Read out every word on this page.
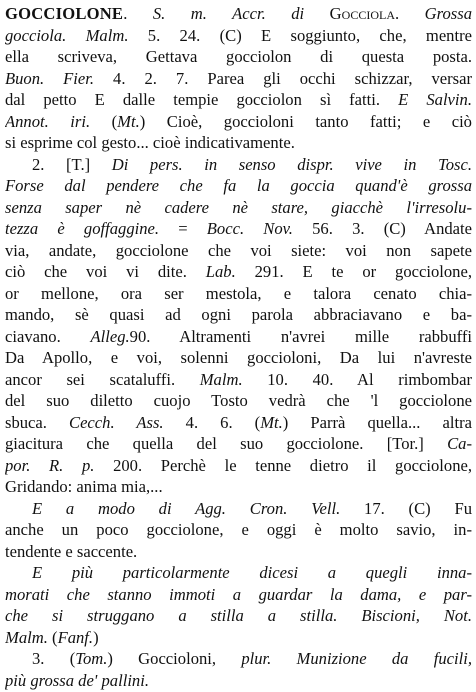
GOCCIOLONE. S. m. Accr. di Gocciola. Grossa
gocciola. Malm. 5. 24. (C) E soggiunto, che, mentre
ella scriveva, Gettava gocciolon di questa posta.
Buon. Fier. 4. 2. 7. Parea gli occhi schizzar, versar
dal petto E dalle tempie gocciolon sì fatti. E Salvin.
Annot. iri. (Mt.) Cioè, gocciolonі tanto fatti; e ciò
si esprime col gesto... cioè indicativamente.
2. [T.] Di pers. in senso dispr. vive in Tosc.
Forse dal pendere che fa la goccia quand'è grossa
senza saper nè cadere nè stare, giacchè l'irresolu-
tezza è goffaggine. = Bocc. Nov. 56. 3. (C) Andate
via, andate, gocciolone che voi siete: voi non sapete
ciò che voi vi dite. Lab. 291. E te or gocciolone,
or mellone, ora ser mestola, e talora cenato chia-
mando, sè quasi ad ogni parola abbraciavano e ba-
ciavano. Alleg.90. Altramenti n'avrei mille rabbuffi
Da Apollo, e voi, solenni gocciolonі, Da lui n'avreste
ancor sei scataluffi. Malm. 10. 40. Al rimbombar
del suo diletto cuojo Tosto vedrà che 'l gocciolone
sbuca. Cecch. Ass. 4. 6. (Mt.) Parrà quella... altra
giacitura che quella del suo gocciolone. [Tor.] Ca-
por. R. p. 200. Perchè le tenne dietro il gocciolone,
Gridando: anima mia,...
E a modo di Agg. Cron. Vell. 17. (C) Fu
anche un poco gocciolone, e oggi è molto savio, in-
tendente e saccente.
E più particolarmente dicesi a quegli inna-
morati che stanno immoti a guardar la dama, e par-
che si struggano a stilla a stilla. Biscioni, Not.
Malm. (Fanf.)
3. (Tom.) Gocciolonі, plur. Munizione da fucili,
più grossa de' pallini.
